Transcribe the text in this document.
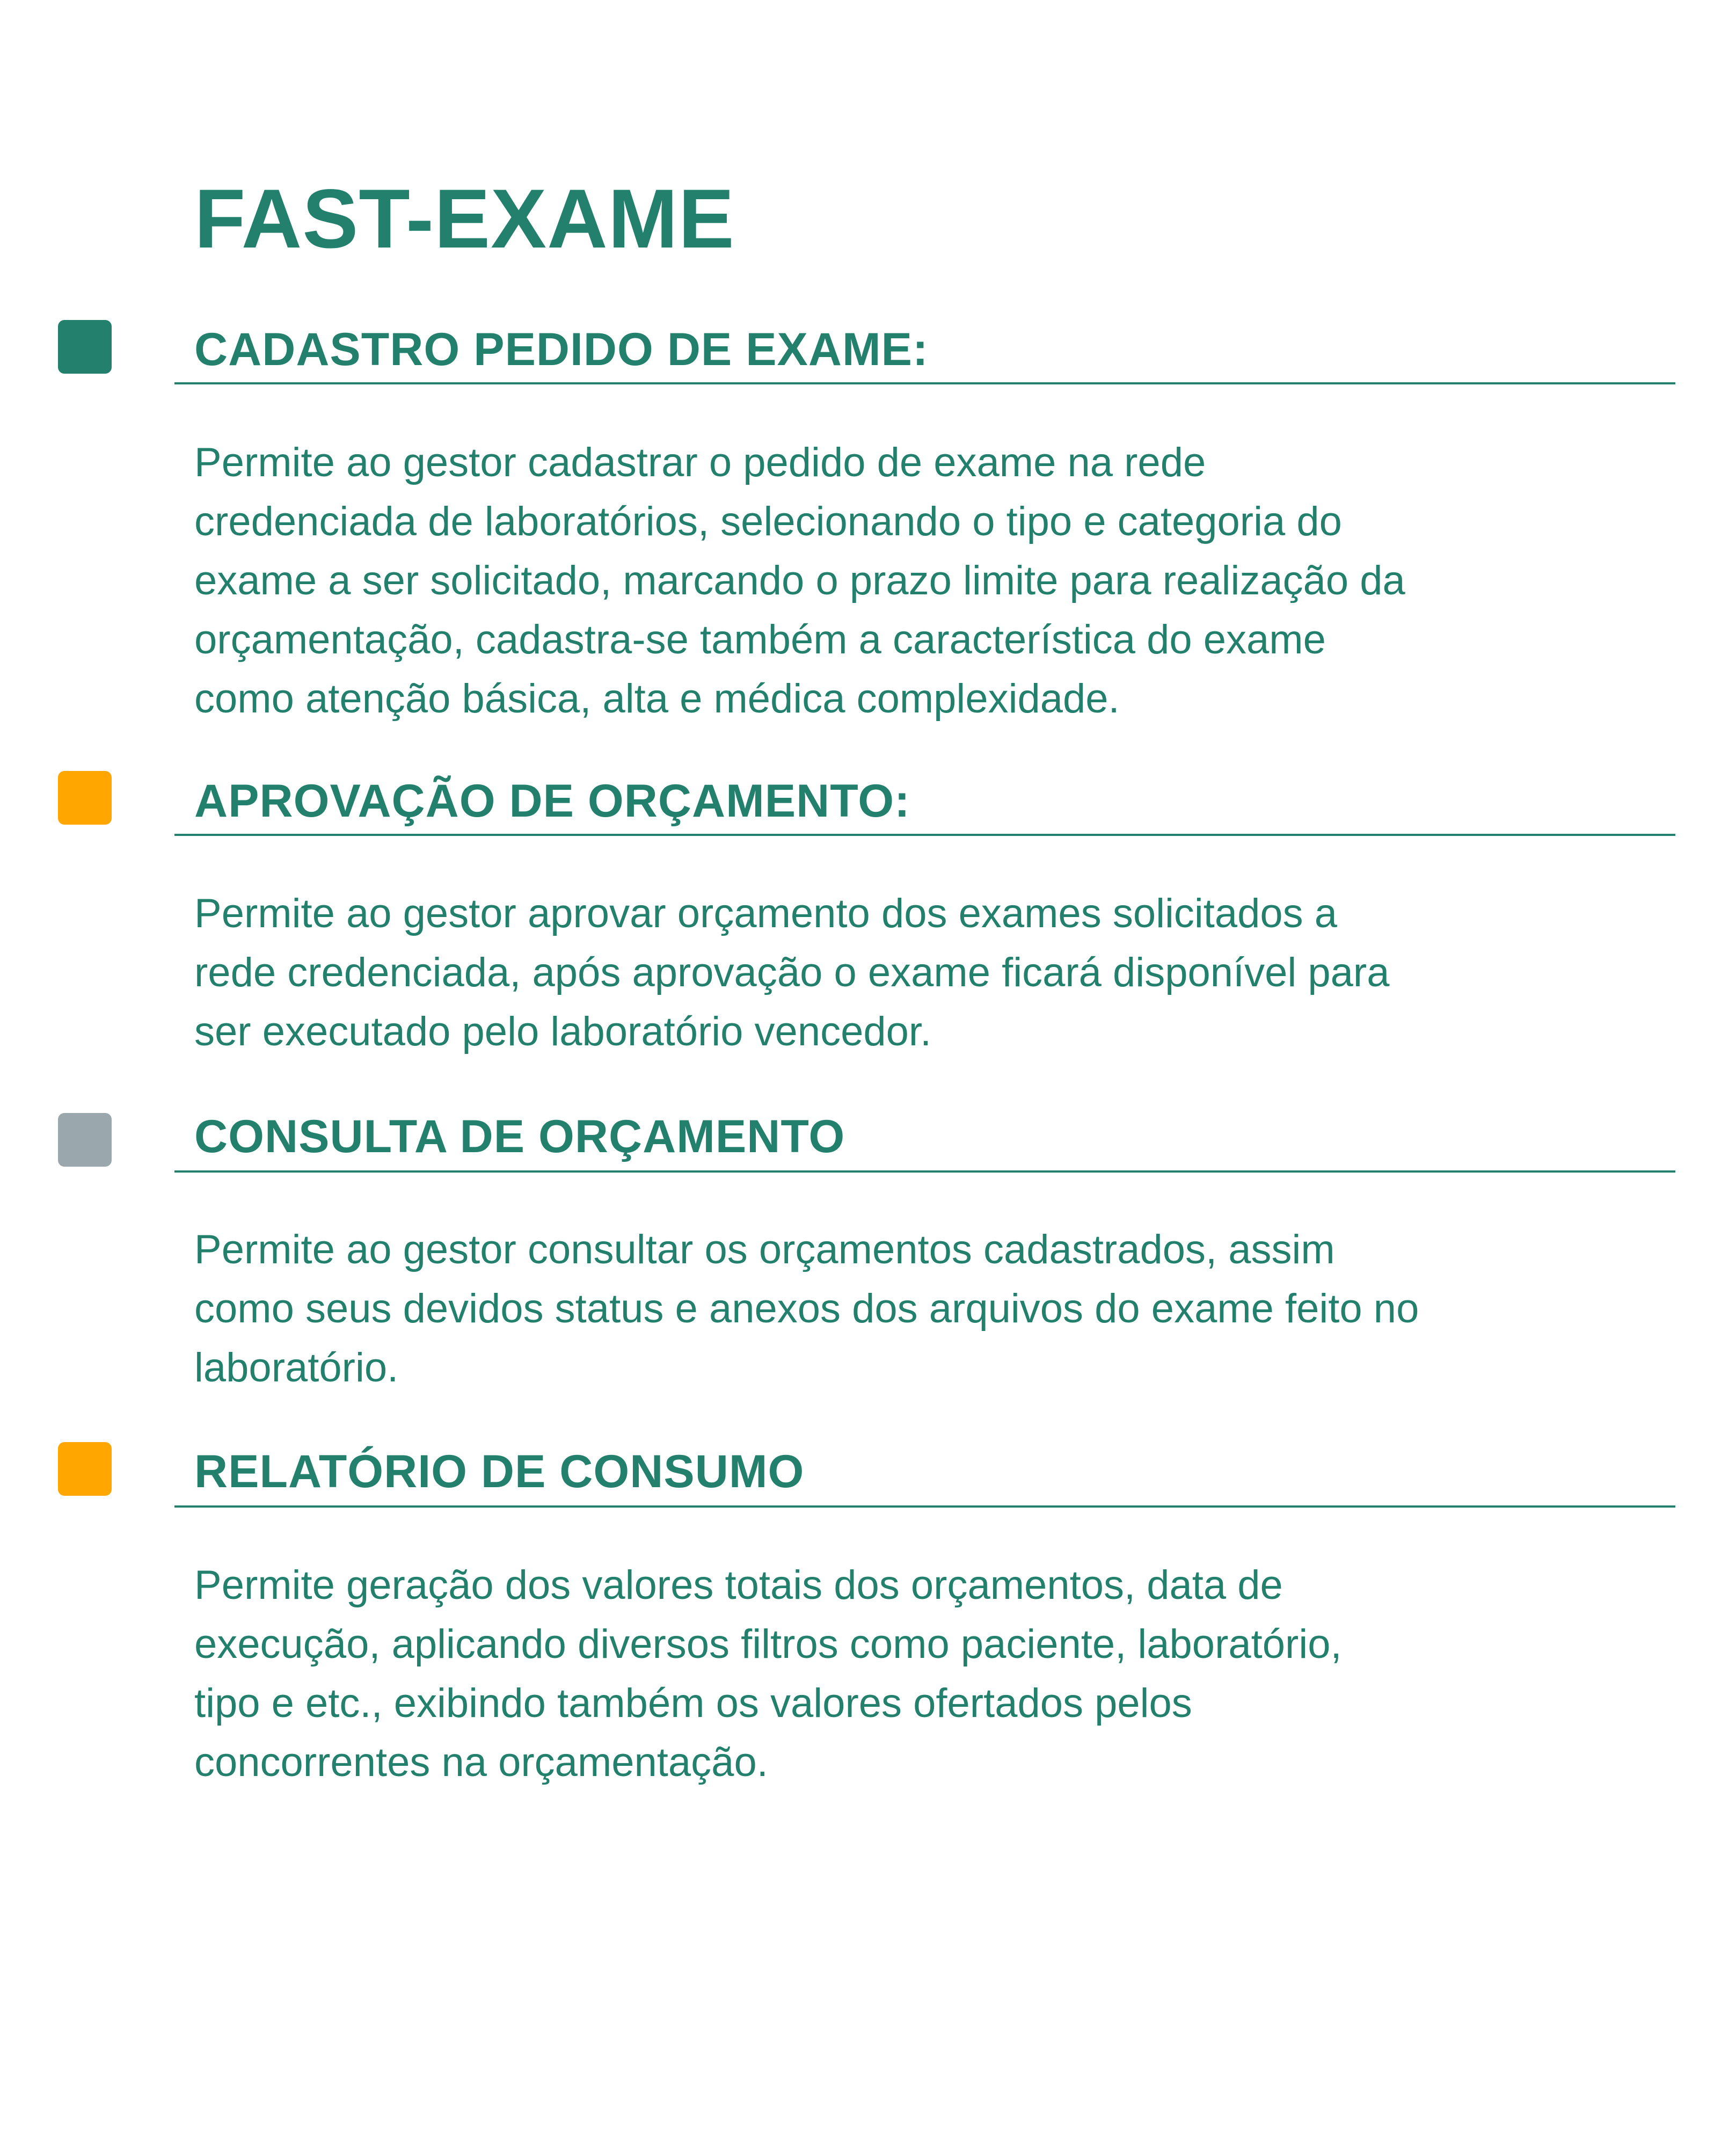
FAST-EXAME
CADASTRO PEDIDO DE EXAME:

Permite ao gestor cadastrar o pedido de exame na rede
credenciada de laboratórios, selecionando o tipo e categoria do
exame a ser solicitado, marcando o prazo limite para realização da
orçamentação, cadastra-se também a característica do exame
como atenção básica, alta e médica complexidade.

APROVAÇÃO DE ORÇAMENTO:

Permite ao gestor aprovar orçamento dos exames solicitados a
rede credenciada, após aprovação o exame ficará disponível para
ser executado pelo laboratório vencedor.

CONSULTA DE ORÇAMENTO

Permite ao gestor consultar os orçamentos cadastrados, assim
como seus devidos status e anexos dos arquivos do exame feito no
laboratório.

RELATÓRIO DE CONSUMO

Permite geração dos valores totais dos orçamentos, data de
execução, aplicando diversos filtros como paciente, laboratório,
tipo e etc., exibindo também os valores ofertados pelos
concorrentes na orçamentação.
